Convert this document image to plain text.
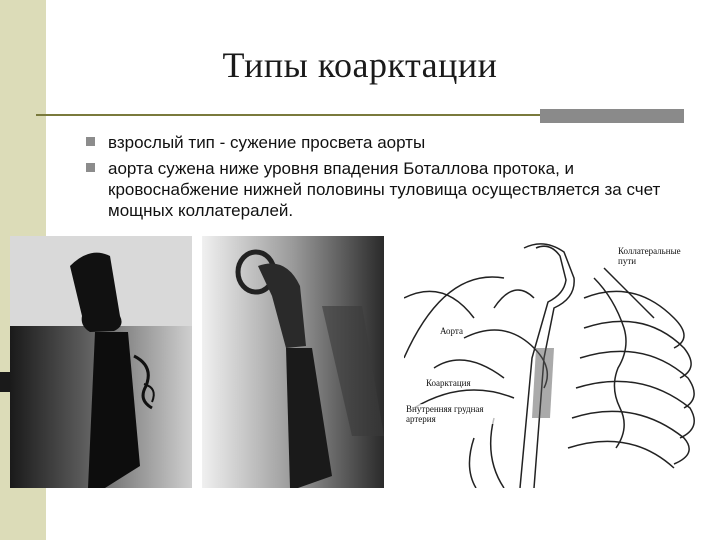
Типы коарктации
взрослый тип - сужение просвета аорты
аорта сужена ниже уровня впадения Боталлова протока, и кровоснабжение нижней половины туловища осуществляется за счет мощных коллатералей.
Коллатеральные пути
Аорта
Коарктация
Внутренняя грудная артерия
